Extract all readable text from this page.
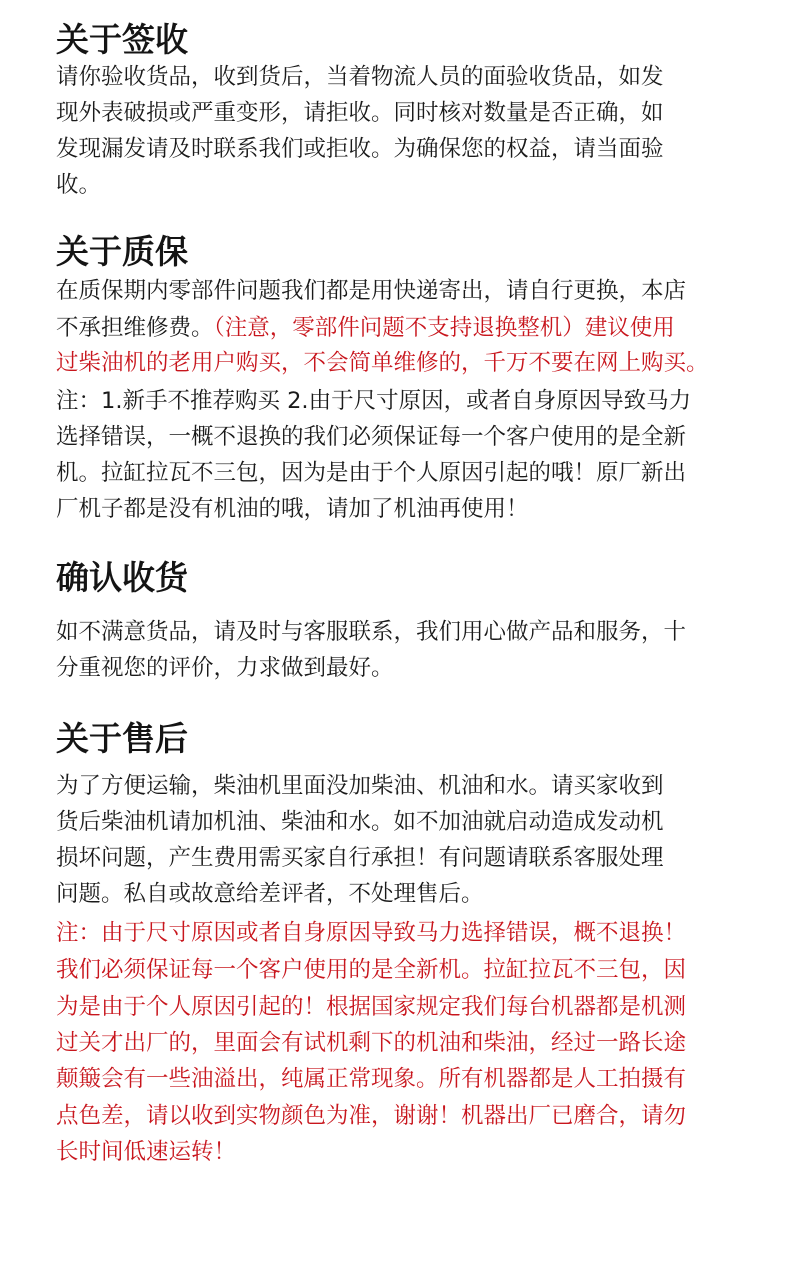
关于签收
请你验收货品，收到货后，当着物流人员的面验收货品，如发
现外表破损或严重变形，请拒收。同时核对数量是否正确，如
发现漏发请及时联系我们或拒收。为确保您的权益，请当面验
收。
关于质保
在质保期内零部件问题我们都是用快递寄出，请自行更换，本店
不承担维修费。（注意，零部件问题不支持退换整机）建议使用
过柴油机的老用户购买，不会简单维修的，千万不要在网上购买。
注：1.新手不推荐购买 2.由于尺寸原因，或者自身原因导致马力
选择错误，一概不退换的我们必须保证每一个客户使用的是全新
机。拉缸拉瓦不三包，因为是由于个人原因引起的哦！原厂新出
厂机子都是没有机油的哦，请加了机油再使用！
确认收货
如不满意货品，请及时与客服联系，我们用心做产品和服务，十
分重视您的评价，力求做到最好。
关于售后
为了方便运输，柴油机里面没加柴油、机油和水。请买家收到
货后柴油机请加机油、柴油和水。如不加油就启动造成发动机
损坏问题，产生费用需买家自行承担！有问题请联系客服处理
问题。私自或故意给差评者，不处理售后。
注：由于尺寸原因或者自身原因导致马力选择错误，概不退换！
我们必须保证每一个客户使用的是全新机。拉缸拉瓦不三包，因
为是由于个人原因引起的！根据国家规定我们每台机器都是机测
过关才出厂的，里面会有试机剩下的机油和柴油，经过一路长途
颠簸会有一些油溢出，纯属正常现象。所有机器都是人工拍摄有
点色差，请以收到实物颜色为准，谢谢！机器出厂已磨合，请勿
长时间低速运转！
